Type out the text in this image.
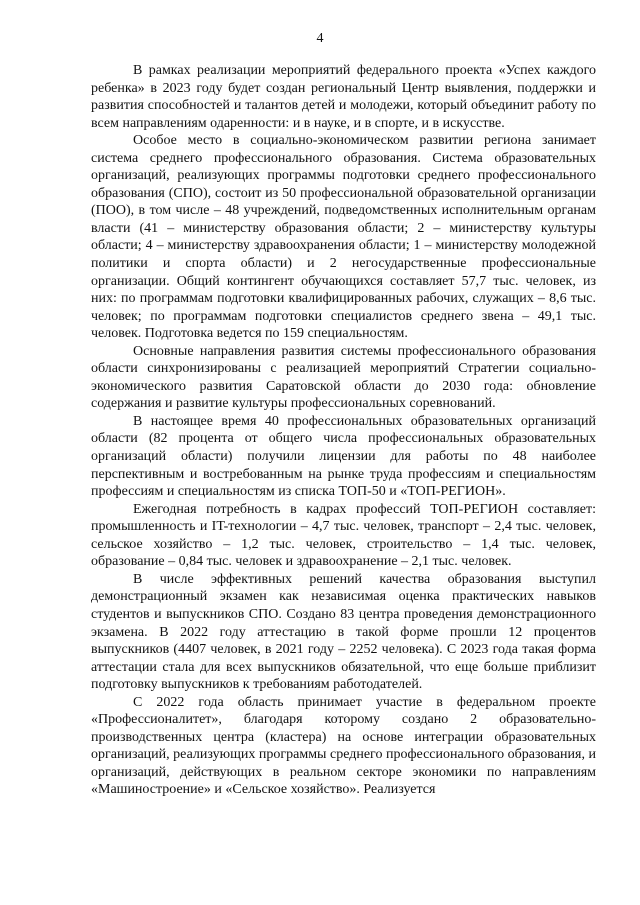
4

В рамках реализации мероприятий федерального проекта «Успех каждого ребенка» в 2023 году будет создан региональный Центр выявления, поддержки и развития способностей и талантов детей и молодежи, который объединит работу по всем направлениям одаренности: и в науке, и в спорте, и в искусстве.

Особое место в социально-экономическом развитии региона занимает система среднего профессионального образования. Система образовательных организаций, реализующих программы подготовки среднего профессионального образования (СПО), состоит из 50 профессиональной образовательной организации (ПОО), в том числе – 48 учреждений, подведомственных исполнительным органам власти (41 – министерству образования области; 2 – министерству культуры области; 4 – министерству здравоохранения области; 1 – министерству молодежной политики и спорта области) и 2 негосударственные профессиональные организации. Общий контингент обучающихся составляет 57,7 тыс. человек, из них: по программам подготовки квалифицированных рабочих, служащих – 8,6 тыс. человек; по программам подготовки специалистов среднего звена – 49,1 тыс. человек. Подготовка ведется по 159 специальностям.

Основные направления развития системы профессионального образования области синхронизированы с реализацией мероприятий Стратегии социально-экономического развития Саратовской области до 2030 года: обновление содержания и развитие культуры профессиональных соревнований.

В настоящее время 40 профессиональных образовательных организаций области (82 процента от общего числа профессиональных образовательных организаций области) получили лицензии для работы по 48 наиболее перспективным и востребованным на рынке труда профессиям и специальностям профессиям и специальностям из списка ТОП-50 и «ТОП-РЕГИОН».

Ежегодная потребность в кадрах профессий ТОП-РЕГИОН составляет: промышленность и IT-технологии – 4,7 тыс. человек, транспорт – 2,4 тыс. человек, сельское хозяйство – 1,2 тыс. человек, строительство – 1,4 тыс. человек, образование – 0,84 тыс. человек и здравоохранение – 2,1 тыс. человек.

В числе эффективных решений качества образования выступил демонстрационный экзамен как независимая оценка практических навыков студентов и выпускников СПО. Создано 83 центра проведения демонстрационного экзамена. В 2022 году аттестацию в такой форме прошли 12 процентов выпускников (4407 человек, в 2021 году – 2252 человека). С 2023 года такая форма аттестации стала для всех выпускников обязательной, что еще больше приблизит подготовку выпускников к требованиям работодателей.

С 2022 года область принимает участие в федеральном проекте «Профессионалитет», благодаря которому создано 2 образовательно-производственных центра (кластера) на основе интеграции образовательных организаций, реализующих программы среднего профессионального образования, и организаций, действующих в реальном секторе экономики по направлениям «Машиностроение» и «Сельское хозяйство». Реализуется
